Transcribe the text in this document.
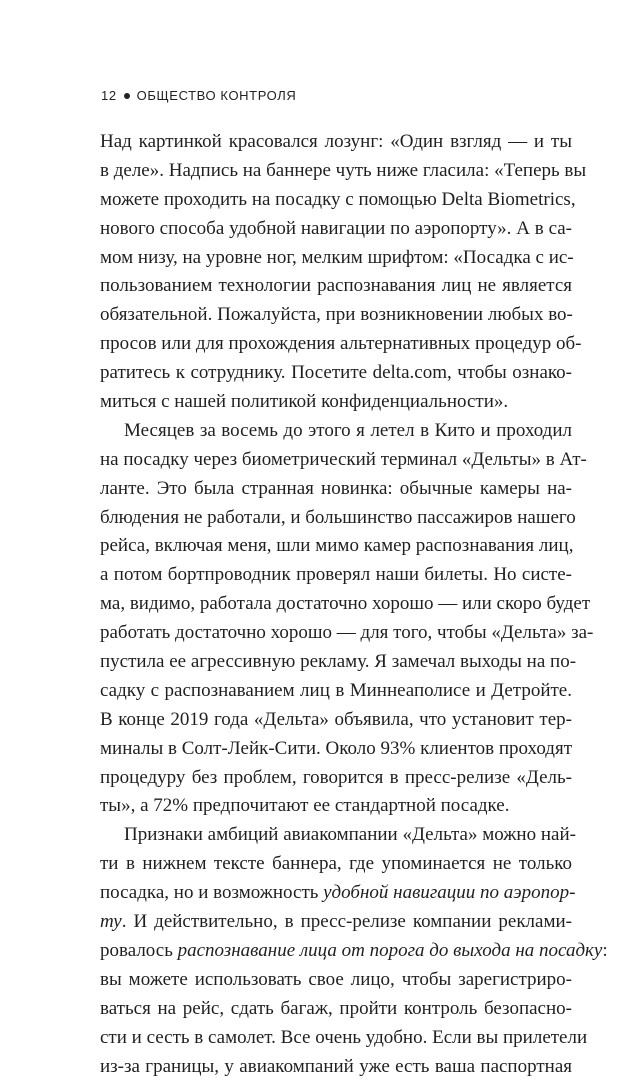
12 ОБЩЕСТВО КОНТРОЛЯ
Над картинкой красовался лозунг: «Один взгляд — и ты
в деле». Надпись на баннере чуть ниже гласила: «Теперь вы
можете проходить на посадку с помощью Delta Biometrics,
нового способа удобной навигации по аэропорту». А в са-
мом низу, на уровне ног, мелким шрифтом: «Посадка с ис-
пользованием технологии распознавания лиц не является
обязательной. Пожалуйста, при возникновении любых во-
просов или для прохождения альтернативных процедур об-
ратитесь к сотруднику. Посетите delta.com, чтобы ознако-
миться с нашей политикой конфиденциальности».
Месяцев за восемь до этого я летел в Кито и проходил
на посадку через биометрический терминал «Дельты» в Ат-
ланте. Это была странная новинка: обычные камеры на-
блюдения не работали, и большинство пассажиров нашего
рейса, включая меня, шли мимо камер распознавания лиц,
а потом бортпроводник проверял наши билеты. Но систе-
ма, видимо, работала достаточно хорошо — или скоро будет
работать достаточно хорошо — для того, чтобы «Дельта» за-
пустила ее агрессивную рекламу. Я замечал выходы на по-
садку с распознаванием лиц в Миннеаполисе и Детройте.
В конце 2019 года «Дельта» объявила, что установит тер-
миналы в Солт-Лейк-Сити. Около 93% клиентов проходят
процедуру без проблем, говорится в пресс-релизе «Дель-
ты», а 72% предпочитают ее стандартной посадке.
Признаки амбиций авиакомпании «Дельта» можно най-
ти в нижнем тексте баннера, где упоминается не только
посадка, но и возможность удобной навигации по аэропор-
ту. И действительно, в пресс-релизе компании реклами-
ровалось распознавание лица от порога до выхода на посадку:
вы можете использовать свое лицо, чтобы зарегистриро-
ваться на рейс, сдать багаж, пройти контроль безопасно-
сти и сесть в самолет. Все очень удобно. Если вы прилетели
из-за границы, у авиакомпаний уже есть ваша паспортная
